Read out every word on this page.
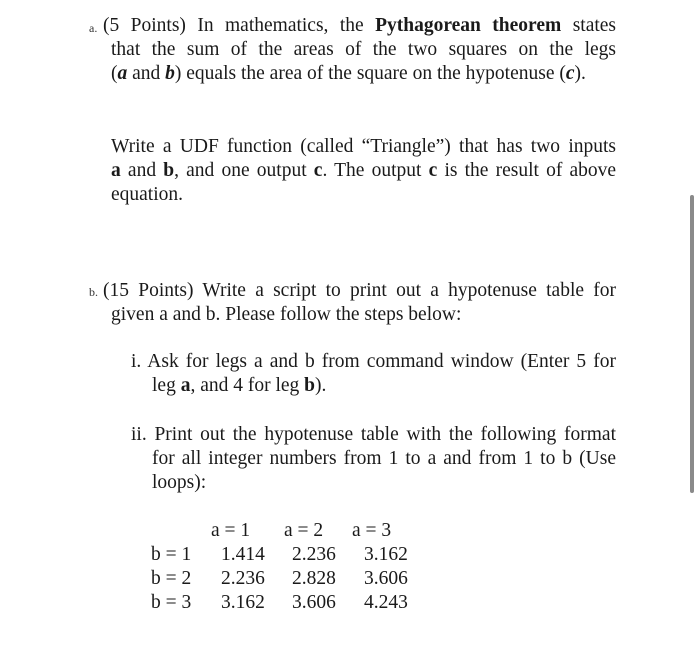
a. (5 Points) In mathematics, the Pythagorean theorem states
that the sum of the areas of the two squares on the legs
(a and b) equals the area of the square on the hypotenuse (c).
Write a UDF function (called “Triangle”) that has two inputs
a and b, and one output c. The output c is the result of above
equation.
b. (15 Points) Write a script to print out a hypotenuse table for
given a and b. Please follow the steps below:
i. Ask for legs a and b from command window (Enter 5 for
leg a, and 4 for leg b).
ii. Print out the hypotenuse table with the following format
for all integer numbers from 1 to a and from 1 to b (Use
loops):
a = 1 a = 2 a = 3
b = 1 1.414 2.236 3.162
b = 2 2.236 2.828 3.606
b = 3 3.162 3.606 4.243
